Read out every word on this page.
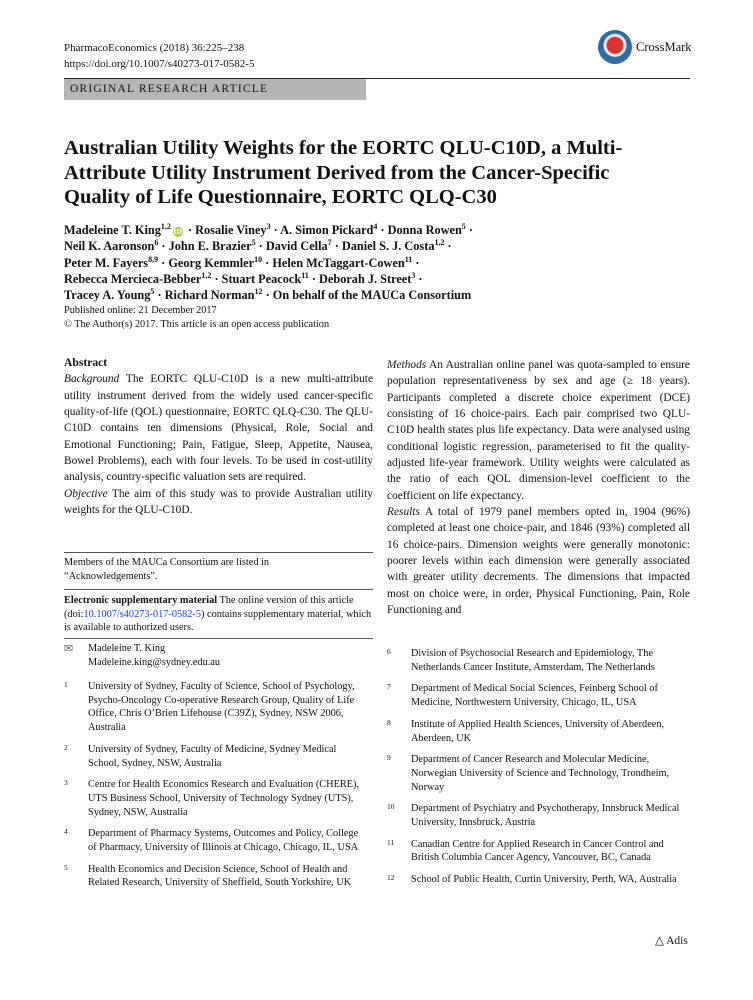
PharmacoEconomics (2018) 36:225–238
https://doi.org/10.1007/s40273-017-0582-5
CrossMark
ORIGINAL RESEARCH ARTICLE
Australian Utility Weights for the EORTC QLU-C10D, a Multi-Attribute Utility Instrument Derived from the Cancer-Specific Quality of Life Questionnaire, EORTC QLQ-C30
Madeleine T. King$^{1,2}$iD · Rosalie Viney$^3$ · A. Simon Pickard$^4$ · Donna Rowen$^5$ ·
Neil K. Aaronson$^6$ · John E. Brazier$^5$ · David Cella$^7$ · Daniel S. J. Costa$^{1,2}$ ·
Peter M. Fayers$^{8,9}$ · Georg Kemmler$^{10}$ · Helen McTaggart-Cowen$^{11}$ ·
Rebecca Mercieca-Bebber$^{1,2}$ · Stuart Peacock$^{11}$ · Deborah J. Street$^3$ ·
Tracey A. Young$^5$ · Richard Norman$^{12}$ · On behalf of the MAUCa Consortium
Published online: 21 December 2017
© The Author(s) 2017. This article is an open access publication
Abstract

Background The EORTC QLU-C10D is a new multi-attribute utility instrument derived from the widely used cancer-specific quality-of-life (QOL) questionnaire, EORTC QLQ-C30. The QLU-C10D contains ten dimensions (Physical, Role, Social and Emotional Functioning; Pain, Fatigue, Sleep, Appetite, Nausea, Bowel Problems), each with four levels. To be used in cost-utility analysis, country-specific valuation sets are required.

Objective The aim of this study was to provide Australian utility weights for the QLU-C10D.

Members of the MAUCa Consortium are listed in “Acknowledgements”.
Electronic supplementary material The online version of this article (doi:10.1007/s40273-017-0582-5) contains supplementary material, which is available to authorized users.
✉	Madeleine T. King
Madeleine.king@sydney.edu.au
1	University of Sydney, Faculty of Science, School of Psychology, Psycho-Oncology Co-operative Research Group, Quality of Life Office, Chris O’Brien Lifehouse (C39Z), Sydney, NSW 2006, Australia
2	University of Sydney, Faculty of Medicine, Sydney Medical School, Sydney, NSW, Australia
3	Centre for Health Economics Research and Evaluation (CHERE), UTS Business School, University of Technology Sydney (UTS), Sydney, NSW, Australia
4	Department of Pharmacy Systems, Outcomes and Policy, College of Pharmacy, University of Illinois at Chicago, Chicago, IL, USA
5	Health Economics and Decision Science, School of Health and Related Research, University of Sheffield, South Yorkshire, UK

Methods An Australian online panel was quota-sampled to ensure population representativeness by sex and age (≥ 18 years). Participants completed a discrete choice experiment (DCE) consisting of 16 choice-pairs. Each pair comprised two QLU-C10D health states plus life expectancy. Data were analysed using conditional logistic regression, parameterised to fit the quality-adjusted life-year framework. Utility weights were calculated as the ratio of each QOL dimension-level coefficient to the coefficient on life expectancy.

Results A total of 1979 panel members opted in, 1904 (96%) completed at least one choice-pair, and 1846 (93%) completed all 16 choice-pairs. Dimension weights were generally monotonic: poorer levels within each dimension were generally associated with greater utility decrements. The dimensions that impacted most on choice were, in order, Physical Functioning, Pain, Role Functioning and

6	Division of Psychosocial Research and Epidemiology, The Netherlands Cancer Institute, Amsterdam, The Netherlands
7	Department of Medical Social Sciences, Feinberg School of Medicine, Northwestern University, Chicago, IL, USA
8	Institute of Applied Health Sciences, University of Aberdeen, Aberdeen, UK
9	Department of Cancer Research and Molecular Medicine, Norwegian University of Science and Technology, Trondheim, Norway
10	Department of Psychiatry and Psychotherapy, Innsbruck Medical University, Innsbruck, Austria
11	Canadian Centre for Applied Research in Cancer Control and British Columbia Cancer Agency, Vancouver, BC, Canada
12	School of Public Health, Curtin University, Perth, WA, Australia
△ Adis
